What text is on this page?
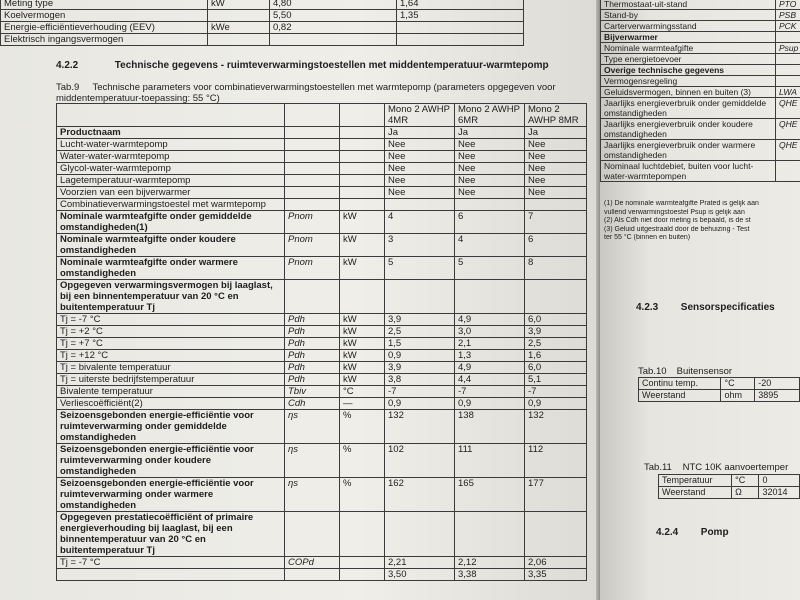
Meting type	kW	4,80	1,64
Koelvermogen		5,50	1,35
Energie-efficiëntieverhouding (EEV)	kWe	0,82	
Elektrisch ingangsvermogen			
4.2.2	Technische gegevens - ruimteverwarmingstoestellen met middentemperatuur-warmtepomp
Tab.9 Technische parameters voor combinatieverwarmingstoestellen met warmtepomp (parameters opgegeven voor middentemperatuur-toepassing: 55 °C)
			Mono 2 AWHP 4MR	Mono 2 AWHP 6MR	Mono 2 AWHP 8MR
Productnaam			Ja	Ja	Ja
Lucht-water-warmtepomp			Nee	Nee	Nee
Water-water-warmtepomp			Nee	Nee	Nee
Glycol-water-warmtepomp			Nee	Nee	Nee
Lagetemperatuur-warmtepomp			Nee	Nee	Nee
Voorzien van een bijverwarmer			Nee	Nee	Nee
Combinatieverwarmingstoestel met warmtepomp					
Nominale warmteafgifte onder gemiddelde omstandigheden(1)	Pnom	kW	4	6	7
Nominale warmteafgifte onder koudere omstandigheden	Pnom	kW	3	4	6
Nominale warmteafgifte onder warmere omstandigheden	Pnom	kW	5	5	8
Opgegeven verwarmingsvermogen bij laaglast, bij een binnentemperatuur van 20 °C en buitentemperatuur Tj					
Tj = -7 °C	Pdh	kW	3,9	4,9	6,0
Tj = +2 °C	Pdh	kW	2,5	3,0	3,9
Tj = +7 °C	Pdh	kW	1,5	2,1	2,5
Tj = +12 °C	Pdh	kW	0,9	1,3	1,6
Tj = bivalente temperatuur	Pdh	kW	3,9	4,9	6,0
Tj = uiterste bedrijfstemperatuur	Pdh	kW	3,8	4,4	5,1
Bivalente temperatuur	Tbiv	°C	-7	-7	-7
Verliescoëfficiënt(2)	Cdh	—	0,9	0,9	0,9
Seizoensgebonden energie-efficiëntie voor ruimteverwarming onder gemiddelde omstandigheden	ηs	%	132	138	132
Seizoensgebonden energie-efficiëntie voor ruimteverwarming onder koudere omstandigheden	ηs	%	102	111	112
Seizoensgebonden energie-efficiëntie voor ruimteverwarming onder warmere omstandigheden	ηs	%	162	165	177
Opgegeven prestatiecoëfficiënt of primaire energieverhouding bij laaglast, bij een binnentemperatuur van 20 °C en buitentemperatuur Tj					
Tj = -7 °C	COPd		2,21	2,12	2,06
			3,50	3,38	3,35
Thermostaat-uit-stand	PTO
Stand-by	PSB
Carterverwarmingsstand	PCK
Bijverwarmer	
Nominale warmteafgifte	Psup
Type energietoevoer	
Overige technische gegevens	
Vermogensregeling	
Geluidsvermogen, binnen en buiten (3)	LWA
Jaarlijks energieverbruik onder gemiddelde omstandigheden	QHE
Jaarlijks energieverbruik onder koudere omstandigheden	QHE
Jaarlijks energieverbruik onder warmere omstandigheden	QHE
Nominaal luchtdebiet, buiten voor lucht-water-warmtepompen	
(1) De nominale warmteafgifte Prated is gelijk aan
vullend verwarmingstoestel Psup is gelijk aan
(2) Als Cdh niet door meting is bepaald, is de st
(3) Geluid uitgestraald door de behuizing - Test
ter 55 °C (binnen en buiten)
4.2.3 Sensorspecificaties
Tab.10 Buitensensor
Continu temp.	°C	-20
Weerstand	ohm	3895
Tab.11 NTC 10K aanvoertemper
Temperatuur	°C	0
Weerstand	Ω	32014
4.2.4 Pomp
